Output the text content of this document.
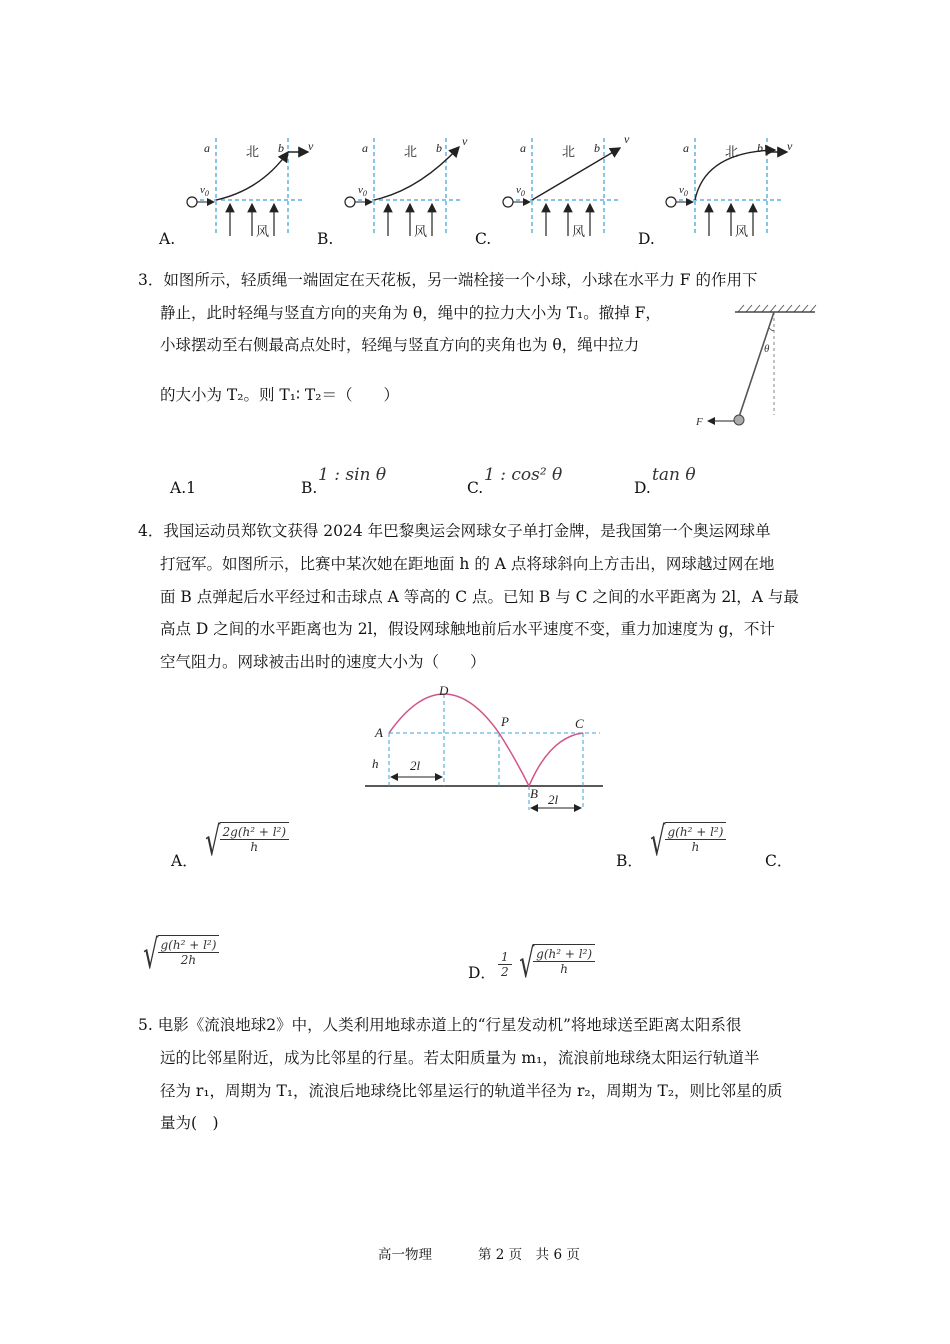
a	b
北
风
$v_0$
v	a	b
北
风
$v_0$
v	a	b
北
风
$v_0$
v
a	b
北
风
$v_0$
v
A.	B.	C.	D.
3．如图所示，轻质绳一端固定在天花板，另一端栓接一个小球，小球在水平力 F 的作用下
静止，此时轻绳与竖直方向的夹角为 θ，绳中的拉力大小为 T₁。撤掉 F，
小球摆动至右侧最高点处时，轻绳与竖直方向的夹角也为 θ，绳中拉力
的大小为 T₂。则 T₁∶ T₂＝（　　）
θ
F
A.1	B.
1 : sin θ
C.
1 : cos² θ
D.
tan θ
4．我国运动员郑钦文获得 2024 年巴黎奥运会网球女子单打金牌，是我国第一个奥运网球单
打冠军。如图所示，比赛中某次她在距地面 h 的 A 点将球斜向上方击出，网球越过网在地
面 B 点弹起后水平经过和击球点 A 等高的 C 点。已知 B 与 C 之间的水平距离为 2l，A 与最
高点 D 之间的水平距离也为 2l，假设网球触地前后水平速度不变，重力加速度为 g，不计
空气阻力。网球被击出时的速度大小为（　　）
A
D
P	C
B
h 2l
2l
A． √ $\frac{\text{2g(h² + l²)}}{h}$
B． √ $\frac{\text{g(h² + l²)}}{h}$
C．
√ $\frac{\text{g(h² + l²)}}{2h}$
D． $\frac{1}{2}$ √ $\frac{\text{g(h² + l²)}}{h}$
5. 电影《流浪地球2》中，人类利用地球赤道上的“行星发动机”将地球送至距离太阳系很
远的比邻星附近，成为比邻星的行星。若太阳质量为 m₁，流浪前地球绕太阳运行轨道半
径为 r₁，周期为 T₁，流浪后地球绕比邻星运行的轨道半径为 r₂，周期为 T₂，则比邻星的质
量为(　)
高一物理	第 2 页　共 6 页
